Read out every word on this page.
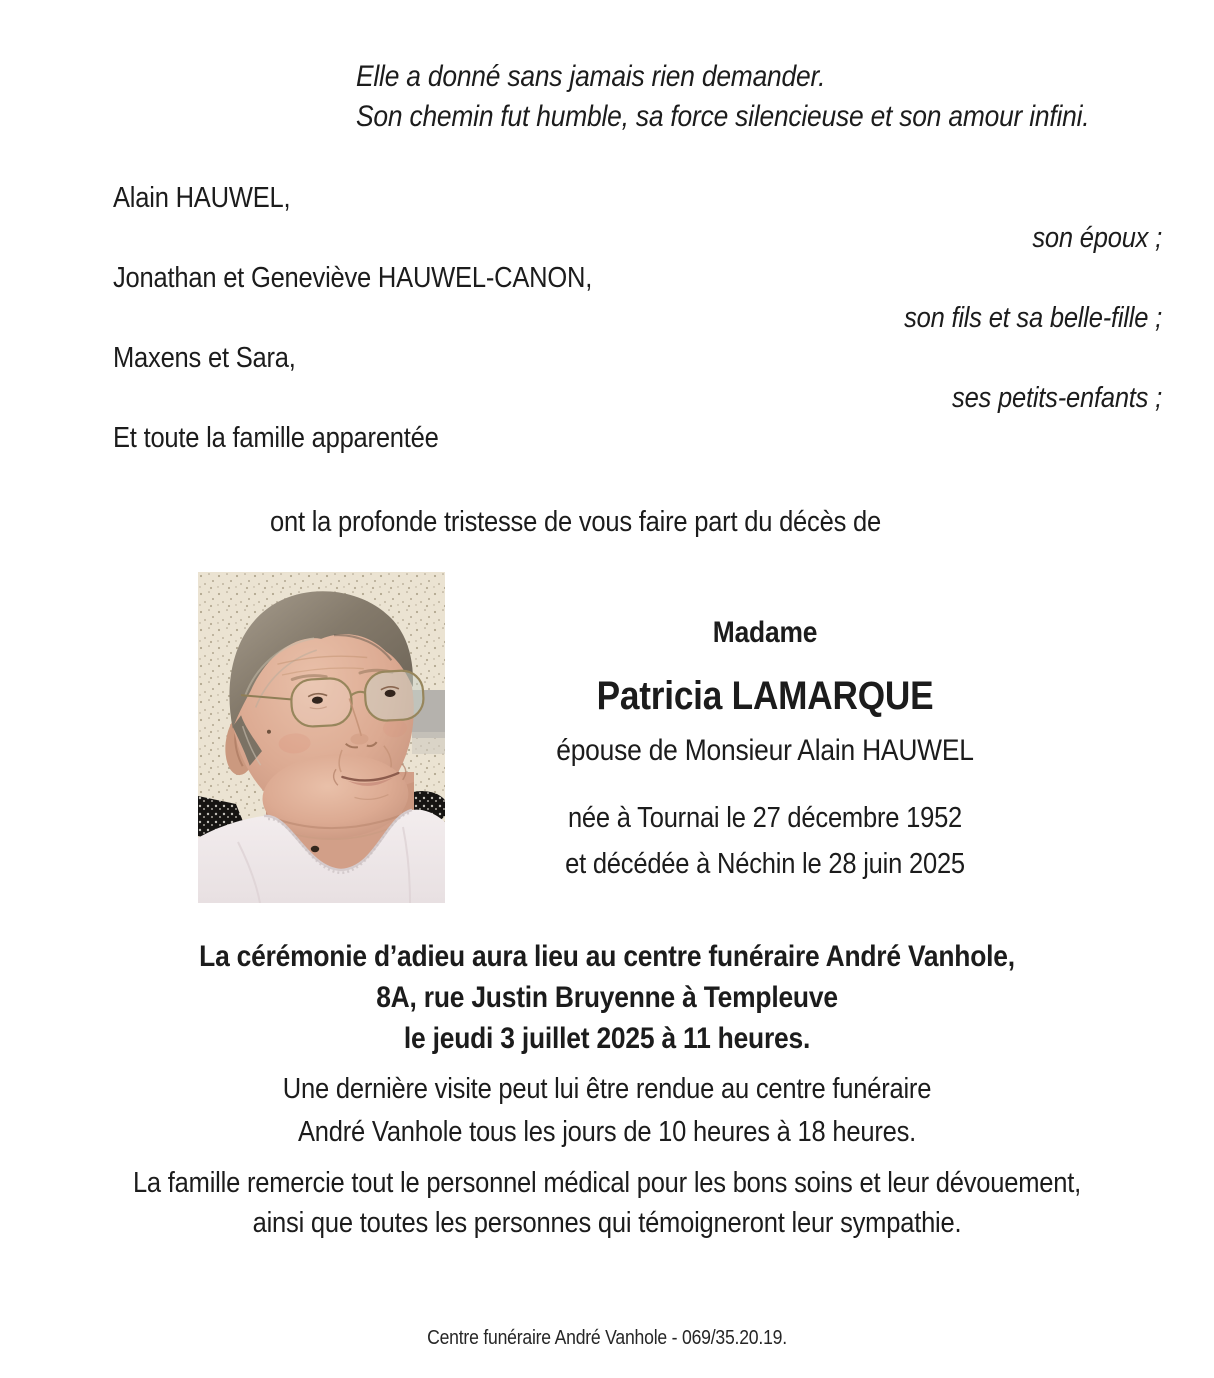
Elle a donné sans jamais rien demander.
Son chemin fut humble, sa force silencieuse et son amour infini.
Alain HAUWEL,
son époux ;
Jonathan et Geneviève HAUWEL-CANON,
son fils et sa belle-fille ;
Maxens et Sara,
ses petits-enfants ;
Et toute la famille apparentée
ont la profonde tristesse de vous faire part du décès de
Madame
Patricia LAMARQUE
épouse de Monsieur Alain HAUWEL
née à Tournai le 27 décembre 1952
et décédée à Néchin le 28 juin 2025
La cérémonie d’adieu aura lieu au centre funéraire André Vanhole,
8A, rue Justin Bruyenne à Templeuve
le jeudi 3 juillet 2025 à 11 heures.
Une dernière visite peut lui être rendue au centre funéraire
André Vanhole tous les jours de 10 heures à 18 heures.
La famille remercie tout le personnel médical pour les bons soins et leur dévouement,
ainsi que toutes les personnes qui témoigneront leur sympathie.
Centre funéraire André Vanhole - 069/35.20.19.
